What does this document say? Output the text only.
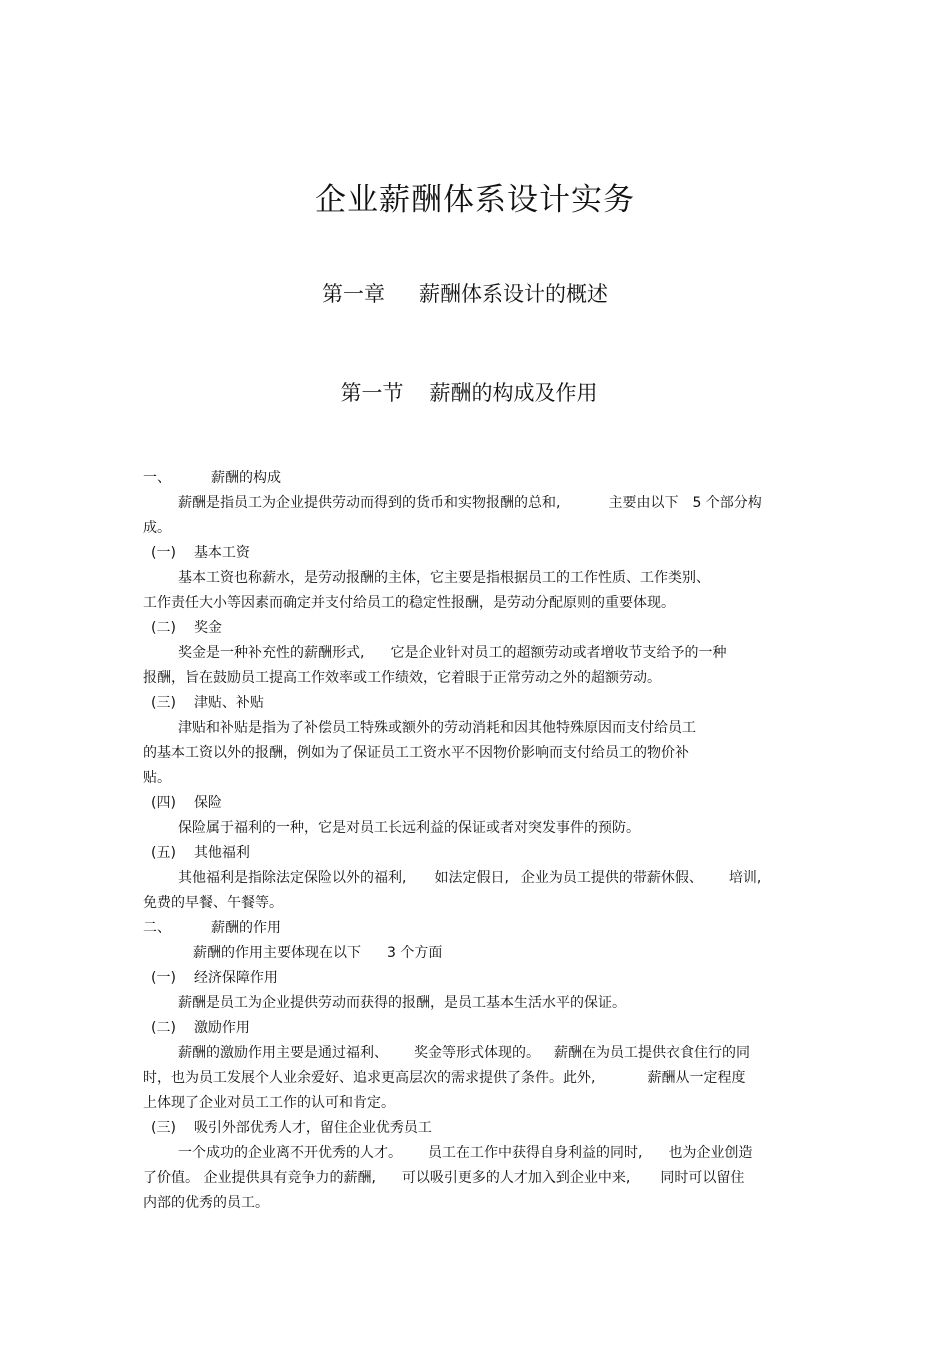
企业薪酬体系设计实务
第一章 薪酬体系设计的概述
第一节 薪酬的构成及作用
一、	薪酬的构成
薪酬是指员工为企业提供劳动而得到的货币和实物报酬的总和,	主要由以下 5 个部分构
成。
(一) 基本工资
基本工资也称薪水，是劳动报酬的主体，它主要是指根据员工的工作性质、工作类别、
工作责任大小等因素而确定并支付给员工的稳定性报酬，是劳动分配原则的重要体现。
(二) 奖金
奖金是一种补充性的薪酬形式, 它是企业针对员工的超额劳动或者增收节支给予的一种
报酬，旨在鼓励员工提高工作效率或工作绩效，它着眼于正常劳动之外的超额劳动。
(三) 津贴、补贴
津贴和补贴是指为了补偿员工特殊或额外的劳动消耗和因其他特殊原因而支付给员工
的基本工资以外的报酬，例如为了保证员工工资水平不因物价影响而支付给员工的物价补
贴。
(四) 保险
保险属于福利的一种，它是对员工长远利益的保证或者对突发事件的预防。
(五) 其他福利
其他福利是指除法定保险以外的福利, 如法定假日, 企业为员工提供的带薪休假、 培训,
免费的早餐、午餐等。
二、	薪酬的作用
薪酬的作用主要体现在以下 3 个方面
(一) 经济保障作用
薪酬是员工为企业提供劳动而获得的报酬，是员工基本生活水平的保证。
(二) 激励作用
薪酬的激励作用主要是通过福利、 奖金等形式体现的。 薪酬在为员工提供衣食住行的同
时，也为员工发展个人业余爱好、追求更高层次的需求提供了条件。此外,	薪酬从一定程度
上体现了企业对员工工作的认可和肯定。
(三) 吸引外部优秀人才，留住企业优秀员工
一个成功的企业离不开优秀的人才。 员工在工作中获得自身利益的同时, 也为企业创造
了价值。 企业提供具有竞争力的薪酬, 可以吸引更多的人才加入到企业中来, 同时可以留住
内部的优秀的员工。
